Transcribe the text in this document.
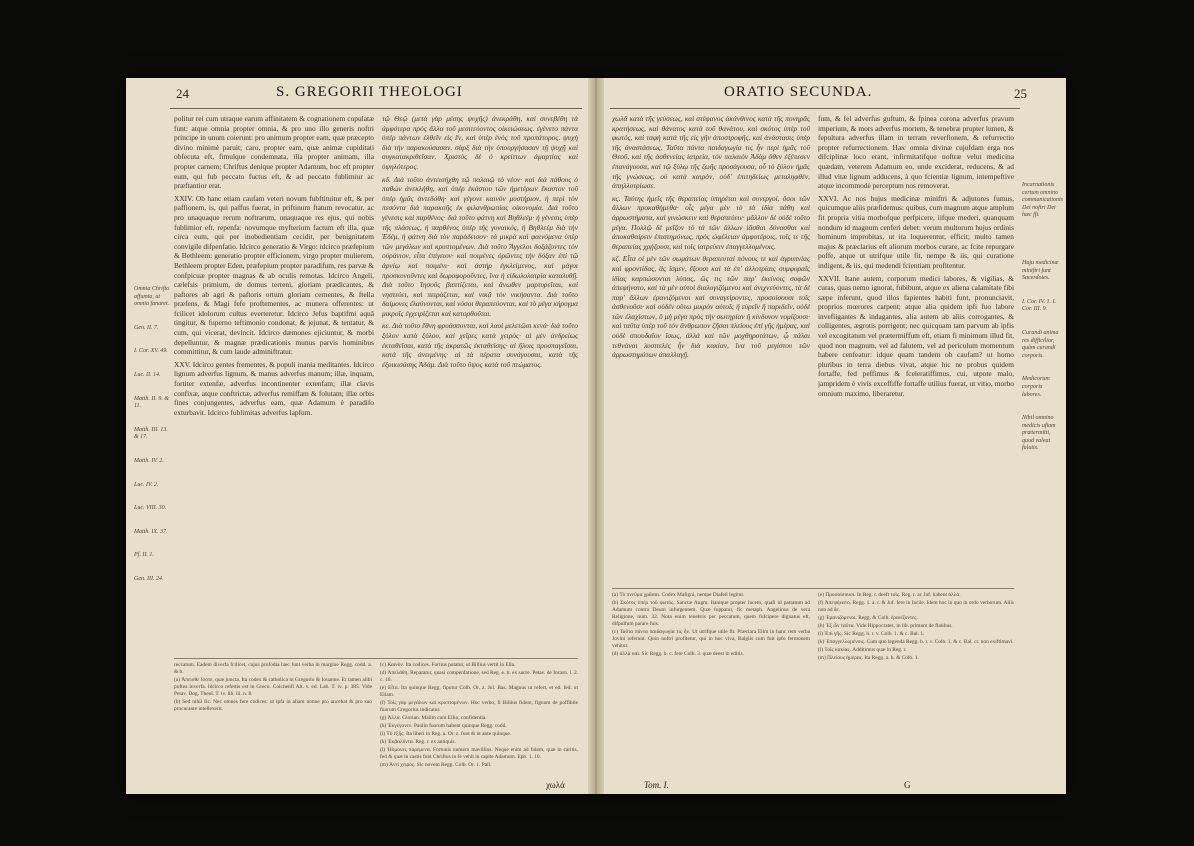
24	S. GREGORII THEOLOGI
Omnia Chrifto affumta, ut omnia fanaret.
Gen. II. 7.
I. Cor. XV. 49.
Luc. II. 14.
Matth. II. 9. & 11.
Matth. III. 13. & 17.
Matth. IV. 2.
Luc. IV. 2.
Luc. VIII. 30.
Matth. IX. 37.
Pf. II. 1.
Gen. III. 24.

politur rei cum utraque earum affinitatem & cognationem copulatæ funt: atque omnia propter omnia, & pro uno illo generis noftri principe in unum coierunt: pro animum propter eam, quæ præcepto divino minimè paruit; caro, propter eam, quæ animæ cupiditati obfecuta eft, fimulque condemnata, illa propter animam, illa propter carnem; Chriftus denique propter Adamum, hoc eft propter eum, qui fub peccato fuctus eft, & ad peccato fublimiur ac præftantior erat.

XXIV. Ob hanc etiam caufam veteri novum fubftituitur eft, & per paffionem, is, qui paffus fuerat, in priftinum ftatum revocatur, ac pro unaquaque rerum noftrarum, unaquaque res ejus, qui nobis fublimior eft, repenfa: novumque myfterium factum eft illa, quæ circa eum, qui per inobedientiam cecidit, per benignitatem convigile difpenfatio. Idcirco generatio & Virgo: idcirco præfepium & Bethleem: generatio propter efficionem, virgo propter mulierem, Bethleem propter Eden, præfepium propter paradifum, res parvæ & confpicuæ propter magnas & ab oculis remotas. Idcirco Angeli, cælefsis primium, de domus terreni, gloriam prædicantes, & paftores ab agri & paftoris ortum gloriam cernentes, & ftella præfens, & Magi fefe proftementes, ac munera offerentes: ut fcilicet idolorum cultus everteretur. Idcirco Jefus baptifmi aquâ tingitur, & fuperno teftimonio condonat, & jejunat, & tentatur, & cum, qui vicerat, devincit. Idcirco dæmones ejiciuntur, & morbi depelluntur, & magnæ prædicationis munus parvis hominibus committitur, & cum laude adminiftratur.

XXV. Idcirco gentes frementes, & populi inania meditantes. Idcirco lignum adverfus lignum, & manus adverfus manum; illæ, inquam, fortiter extenfæ, adverfus incontinenter extenfam; illæ clavis confixæ, atque conftrictæ, adverfus remiffam & folutam; illæ orbis fines conjungentes, adverfus eam, quæ Adamum è paradifo exturbavit. Idcirco fublimitas adverfus lapfum.

τῷ Θεῷ (μετὰ γὰρ μέσης ψυχῆς) ἀνεκράθη, καὶ συνεβέθη τὰ ἀμφότερα πρὸς ἄλλα τοῦ μεσιτεύοντος οἰκειώσεως. ἐγένετο πάντα ὑπὲρ πάντων ἐλθεῖν εἰς ἕν, καὶ ὑπὲρ ἑνὸς τοῦ προπάτορος. ψυχὴ διὰ τὴν παρακούσασαν. σὰρξ διὰ τὴν ὑπουργήσασαν τῇ ψυχῇ καὶ συγκατακριθεῖσαν. Χριστὸς δὲ ὁ κρείττων ἁμαρτίας καὶ ὑψηλότερος.

κδ. Διὰ τοῦτο ἀντεισήχθη τῷ παλαιῷ τὸ νέον· καὶ διὰ πάθους ὁ παθὼν ἀνεκλήθη, καὶ ὑπὲρ ἑκάστου τῶν ἡμετέρων ἕκαστον τοῦ ὑπὲρ ἡμᾶς ἀντεδόθη· καὶ γέγονε καινὸν μυστήριον, ἡ περὶ τὸν πεσόντα διὰ παρακοῆς ἐκ φιλανθρωπίας οἰκονομία. Διὰ τοῦτο γένεσις καὶ παρθένος· διὰ τοῦτο φάτνη καὶ Βηθλεέμ· ἡ γένεσις ὑπὲρ τῆς πλάσεως, ἡ παρθένος ὑπὲρ τῆς γυναικός, ἡ Βηθλεέμ διὰ τὴν Ἐδέμ, ἡ φάτνη διὰ τὸν παράδεισον· τὰ μικρὰ καὶ φαινόμενα ὑπὲρ τῶν μεγάλων καὶ κρυπτομένων. Διὰ τοῦτο Ἄγγελοι δοξάζοντες τὸν οὐράνιον, εἶτα ἐπίγειον· καὶ ποιμένες ὁρῶντες τὴν δόξαν ἐπὶ τῷ ἀρνίῳ καὶ ποιμένι· καὶ ἀστὴρ ἐγκλείμενος, καὶ μάγοι προσκυνοῦντες καὶ δωροφοροῦντες, ἵνα ἡ εἰδωλολατρία καταλυθῇ. Διὰ τοῦτο Ἰησοῦς βαπτίζεται, καὶ ἄνωθεν μαρτυρεῖται, καὶ νηστεύει, καὶ πειράζεται, καὶ νικᾷ τὸν νικήσαντα. Διὰ τοῦτο δαίμονες ἐλαύνονται, καὶ νόσοι θεραπεύονται, καὶ τὸ μέγα κήρυγμα μικροῖς ἐγχειρίζεται καὶ κατορθοῦται.

κε. Διὰ τοῦτο ἔθνη φρυάσσονται, καὶ λαοὶ μελετῶσι κενά· διὰ τοῦτο ξύλον κατὰ ξύλου, καὶ χεῖρες κατὰ χειρός· αἱ μὲν ἀνδρείως ἐκταθεῖσαι, κατὰ τῆς ἀκρατῶς ἐκταθείσης· αἱ ἥλοις προσπαγεῖσαι, κατὰ τῆς ἀνειμένης· αἱ τὰ πέρατα συνάγουσαι, κατὰ τῆς ἐξοικισάσης Ἀδάμ. Διὰ τοῦτο ὕψος κατὰ τοῦ πτώματος.

reccatum. Eadem diverfa fcilicet, cujus profodia hæc funt verba in margine Regg. codd. a. & b.

(a) Ἀπεισθε ἴσοτε, quæ juncta. Ita codex & catholica in Gregorio & Iouanne. Et tamen alibi poftea inverfa. Idcirco refertis est in Greco. Colchenfi Alt. v. ed. Lab. T. iv. p. 385. Vide Petav. Dog. Theol. T. iv. lib. iii. n. 8.

(b) Sed nihil fic. Nec omnes fere codices: ut ipfa in aliam nonne pro ancebat & pro suo procurante intellexerit.

(c) Καινὸν. Ita codices. Fortius putatur, ut Billius vertit in Ella.

(d) Ἀπελάθη. Reparatur, quasi compenfatione, sed Reg. e. b. ex sacre. Petav. de Incarn. l. 2. c. 10.

(e) Εἶτα. Ita quinque Regg. fipotur Colb. Or. z. Jul. Bas. Magnus ut refert, et ed. fed. ut Eliam.

(f) Τοῖς γὰρ μεγάλων καὶ κρυπτομένων. Hoc verbo, fi Billius fidem, fignum de poffibile fuorum Gregorius indicatur.

(g) Ἀλλά. Glorian. Malim cum Ellio, confidentia.

(h) Ἐκγέγονεν. Paulin fuorum habent quinque Regg. codd.

(i) Τὸ ἑξῆς. Ita liberi in Reg. a. Or. z. funt & ut ante quinque.

(k) Ἐκβαλόντα. Reg. r. ex antiquis.

(l) Ἠὸμονες παρέμενα. Fortunis numero mavillios. Neque enim ad fidem, quæ in caritis, fed & quæ in castis funt Chriftus in fe vehit in capite Adamum. Epb. 1. 10.

(m) Ἀντί χειρὸς. Sic novem Regg. Colb. Or. 1. Pall.

χωλά
ORATIO SECUNDA.	25

χωλᾶ κατὰ τῆς γεύσεως, καὶ στέφανος ἀκάνθινος κατὰ τῆς πονηρᾶς κρατήσεως, καὶ θάνατος κατὰ τοῦ θανάτου, καὶ σκότος ὑπὲρ τοῦ φωτός, καὶ ταφὴ κατὰ τῆς εἰς γῆν ἀποστροφῆς, καὶ ἀνάστασις ὑπὲρ τῆς ἀναστάσεως. Ταῦτα πάντα παιδαγωγία τις ἦν περὶ ἡμᾶς τοῦ Θεοῦ, καὶ τῆς ἀσθενείας ἰατρεία, τὸν παλαιὸν Ἀδὰμ ὅθεν ἐξέπεσεν ἐπανάγουσα, καὶ τῷ ξύλῳ τῆς ζωῆς προσάγουσα, οὗ τὸ ξύλον ἡμᾶς τῆς γνώσεως, οὐ κατὰ καιρὸν, οὐδ' ἐπιτηδείως μεταληφθὲν, ἀπηλλοτρίωσε.

κϛ. Ταύτης ἡμεῖς τῆς θεραπείας ὑπηρέται καὶ συνεργοί, ὅσοι τῶν ἄλλων προκαθήμεθα· οἷς μέγα μὲν τὸ τὰ ἰδία πάθη καὶ ἀρρωστήματα, καὶ γινώσκειν καὶ θεραπεύειν· μᾶλλον δὲ οὐδὲ τοῦτο μέγα. Πολλῷ δὲ μεῖζον τὸ τὰ τῶν ἄλλων ἰᾶσθαι δύνασθαι καὶ ἀποκαθαίρειν ἐπιστημόνως, πρὸς ὠφέλειαν ἀμφοτέροις, τοῖς τε τῆς θεραπείας χρῄζουσι, καὶ τοῖς ἰατρεύειν ἐπαγγελλομένοις.

κζ. Εἶτα οἱ μὲν τῶν σωμάτων θεραπευταὶ πόνους τε καὶ ἀγρυπνίας καὶ φροντίδας, ἃς ἴσμεν, ἕξουσι καὶ τὰ ἐπ' ἀλλοτρίαις συμφοραῖς ἰδίας καρπώσονται λύπας, ὥς τις τῶν παρ' ἐκείνοις σοφῶν ἀπεφήνατο, καὶ τὰ μὲν αὐτοὶ διαλογιζόμενοι καὶ ἀνιχνεύοντες, τὰ δὲ παρ' ἄλλων ἐρανιζόμενοι καὶ συναγείροντες, προσοίσουσι τοῖς ἀσθενοῦσι· καὶ οὐδὲν οὕτω μικρὸν αὐτοῖς ἢ εὑρεῖν ἢ παριδεῖν, οὐδὲ τῶν ἐλαχίστων, ὃ μὴ μέγα πρὸς τὴν σωτηρίαν ἢ κίνδυνον νομίζουσι· καὶ ταῦτα ὑπὲρ τοῦ τὸν ἄνθρωπον ζῆσαι πλείους ἐπὶ γῆς ἡμέρας, καὶ οὐδὲ σπουδαῖον ἴσως, ἀλλὰ καὶ τῶν μοχθηροτάτων, ᾧ πάλαι τεθνάναι λυσιτελὲς ἦν διὰ κακίαν, ἵνα τοῦ μεγίστου τῶν ἀρρωστημάτων ἀπαλλαγῇ.

fum, & fel adverfus guftum, & fpinea corona adverfus pravum imperium, & mors adverfus mortem, & tenebræ propter lumen, & fepultura adverfus illam in terram reverfionem, & refurrectio propter refurrectionem. Hæc omnia divinæ cujufdam erga nos difciplinæ loco erant, infirmitatifque noftræ velut medicina quædam, veterem Adamum eo, unde exciderat, reducens, & ad illud vitæ lignum adducens, à quo fcientiæ lignum, intempeftive atque incommodè perceptum nos removerat.

XXVI. Ac nos hujus medicinæ miniftri & adjutores fumus, quicumque aliis præfidemus: quibus, cum magnum atque amplum fit propria vitia morbofque perfpicere, iifque mederi, quanquam nondum id magnum cenferi debet: verum multorum hujus ordinis hominum improbitas, ut ita loquerentur, efficit; multo tamen majus & præclarius eft aliorum morbos curare, ac fcite repurgare poffe, atque ut utrifque utile fit, nempe & iis, qui curatione indigent, & iis, qui medendi fcientiam profitentur.

XXVII. Itane autem, corporum medici labores, & vigilias, & curas, quas nemo ignorat, fubibunt, atque ex aliena calamitate fibi sæpe inferunt, quod illos fapientes habiti funt, pronunciavit, proprios mœrores carpent; atque alia quidem ipfi fuo labore invefiigantes & indagantes, alia autem ab aliis corrogantes, & colligentes, ægrotis porrigent; nec quicquam tam parvum ab ipfis vel excogitatum vel prætermiffum eft, etiam fi minimum illud fit, quod non magnum, vel ad falutem, vel ad periculum momentum habere cenfeatur: idque quam tandem ob caufam? ut homo pluribus in terra diebus vivat, atque hic ne probus quidem fortaffe, fed peffimus & fceleratiffimus, cui, utpote malo, jampridem è vivis exceffiffe fortaffe utilius fuerat, ut vitio, morbo omnium maximo, liberaretur.

Incarnationis certum omnino communicationis Dei noftri Dei hæc fft.
Huju medicinæ miniftri funt Sacerdotes.
I. Cor. IV. 1. I. Cor. III. 9.
Curandi anima res difficilior, quàm curandi corporis.
Medicorum corporis labores.
Nihil omnino medicis ufiam prætermitti, quod valeat falutis.

(a) Τὸ πνεῦμα χρᾶσαι. Codex Mafigni, nempe Diafeil legitur.

(b) Σκότος ὑπὲρ τοῦ φωτός. Sanctæ Augm. Itanique propter lucem, quafi id patratum ad Adamum contra Deum infurgentem. Quæ fuppatur, fic metaph. Angelinus de vera Religione, num. 32. Nota enim tenebris per peccatum, quem fufcipere dignatus eft, difpulfum parare fuis.

(c) Ταῦτα πάντα παιδαγωγία τις ἦν. Ut utrifque utile fit. Præclara Elim in hanc rem verba Jovini referunt. Quin noftri profitetur, qui in hoc viva, Balgiis cum fuit ipfo fermonem vehitur.

(d) ἀλλὰ καὶ. Sic Regg. b. c. fere Colb. 3. quæ deest in editis.

(e) Προσοίσουσι. In Reg. r. deeft τοῖς. Reg. r. ac Juf. habent ἀλλὰ.

(f) Ἀπεφήνατο. Regg. 1. a. r. & Juf. fere in facile. Idem hoc in quo in ordo verborum. Aliis non ad δε.

(g) Ἐρανιζόμενοι. Regg. & Colb. ἐρανίζοντες.

(h) Ἐξ ὧν ταῦτα. Vide Hippocrates, in lib. primum de flatibus.

(i) Ἐπὶ γῆς. Sic Regg. b. r. v. Colb. 1. & c. Bal. 1.

(k) Ἐπαγγελλομένοις. Cum quo legenda Regg. b. r. v. Colb. 1. & c. Bal. cr. non exiftimavi.

(l) Τοῖς κακίας. Additimus quæ in Reg. r.

(m) Πλείους ἡμέρας. Ita Regg. a. b. & Colb. 1.

Tom. I.	G
